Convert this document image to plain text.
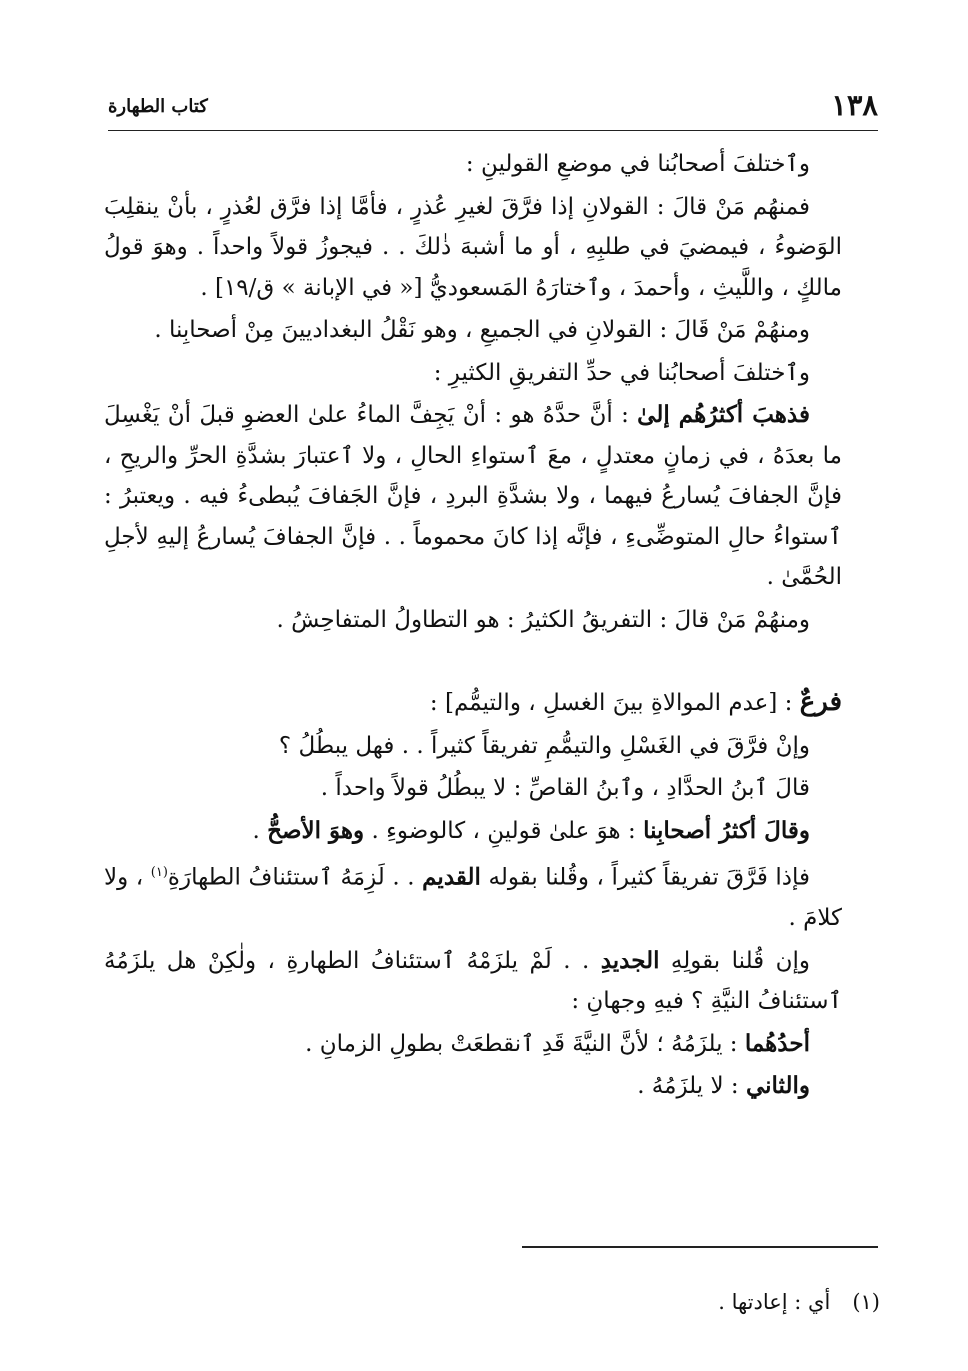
١٣٨
كتاب الطهارة

وٱختلفَ أصحابُنا في موضعِ القولينِ :

فمنهُم مَنْ قالَ : القولانِ إذا فرَّقَ لغيرِ عُذرٍ ، فأمَّا إذا فرَّق لعُذرٍ ، بأنْ ينقلِبَ الوَضوءُ ، فيمضيَ في طلبِهِ ، أو ما أشبهَ ذٰلكَ . . فيجوزُ قولاً واحداً . وهوَ قولُ مالكٍ ، واللَّيثِ ، وأحمدَ ، وٱختارَهُ المَسعوديُّ [« في الإبانة » ق/١٩] .

ومنهُمْ مَنْ قَالَ : القولانِ في الجميعِ ، وهو نَقْلُ البغداديينَ مِنْ أصحابِنا .

وٱختلفَ أصحابُنا في حدِّ التفريقِ الكثيرِ :

فذهبَ أكثرُهُم إلىٰ : أنَّ حدَّهُ هو : أنْ يَجِفَّ الماءُ علىٰ العضوِ قبلَ أنْ يَغْسِلَ ما بعدَهُ ، في زمانٍ معتدلٍ ، معَ ٱستواءِ الحالِ ، ولا ٱعتبارَ بشدَّةِ الحرِّ والريحِ ، فإنَّ الجفافَ يُسارعُ فيهما ، ولا بشدَّةِ البردِ ، فإنَّ الجَفافَ يُبطىءُ فيه . ويعتبرُ : ٱستواءُ حالِ المتوضِّىءِ ، فإنَّه إذا كانَ محموماً . . فإنَّ الجفافَ يُسارعُ إليهِ لأجلِ الحُمَّىٰ .

ومنهُمْ مَنْ قالَ : التفريقُ الكثيرُ : هو التطاولُ المتفاحِشُ .

فرعٌ : [عدم الموالاةِ بينَ الغسلِ ، والتيمُّم] :

وإنْ فرَّقَ في الغَسْلِ والتيمُّمِ تفريقاً كثيراً . . فهل يبطُلُ ؟

قالَ ٱبنُ الحدَّادِ ، وٱبنُ القاصِّ : لا يبطُلُ قولاً واحداً .

وقالَ أكثرُ أصحابِنا : هوَ علىٰ قولينِ ، كالوضوءِ . وهوَ الأصحُّ .

فإذا فَرَّقَ تفريقاً كثيراً ، وقُلنا بقوله القديم . . لَزِمَهُ ٱستئنافُ الطهارَةِ$^{(١)}$ ، ولا كلامَ .

وإن قُلنا بقولِهِ الجديدِ . . لَمْ يلزَمْهُ ٱستئنافُ الطهارةِ ، ولٰكِنْ هل يلزَمُهُ ٱستئنافُ النيَّةِ ؟ فيهِ وجهانِ :

أحدُهُما : يلزَمُهُ ؛ لأنَّ النيَّةَ قَدِ ٱنقطعَتْ بطولِ الزمانِ .

والثاني : لا يلزَمُهُ .

(١)أي : إعادتها .
